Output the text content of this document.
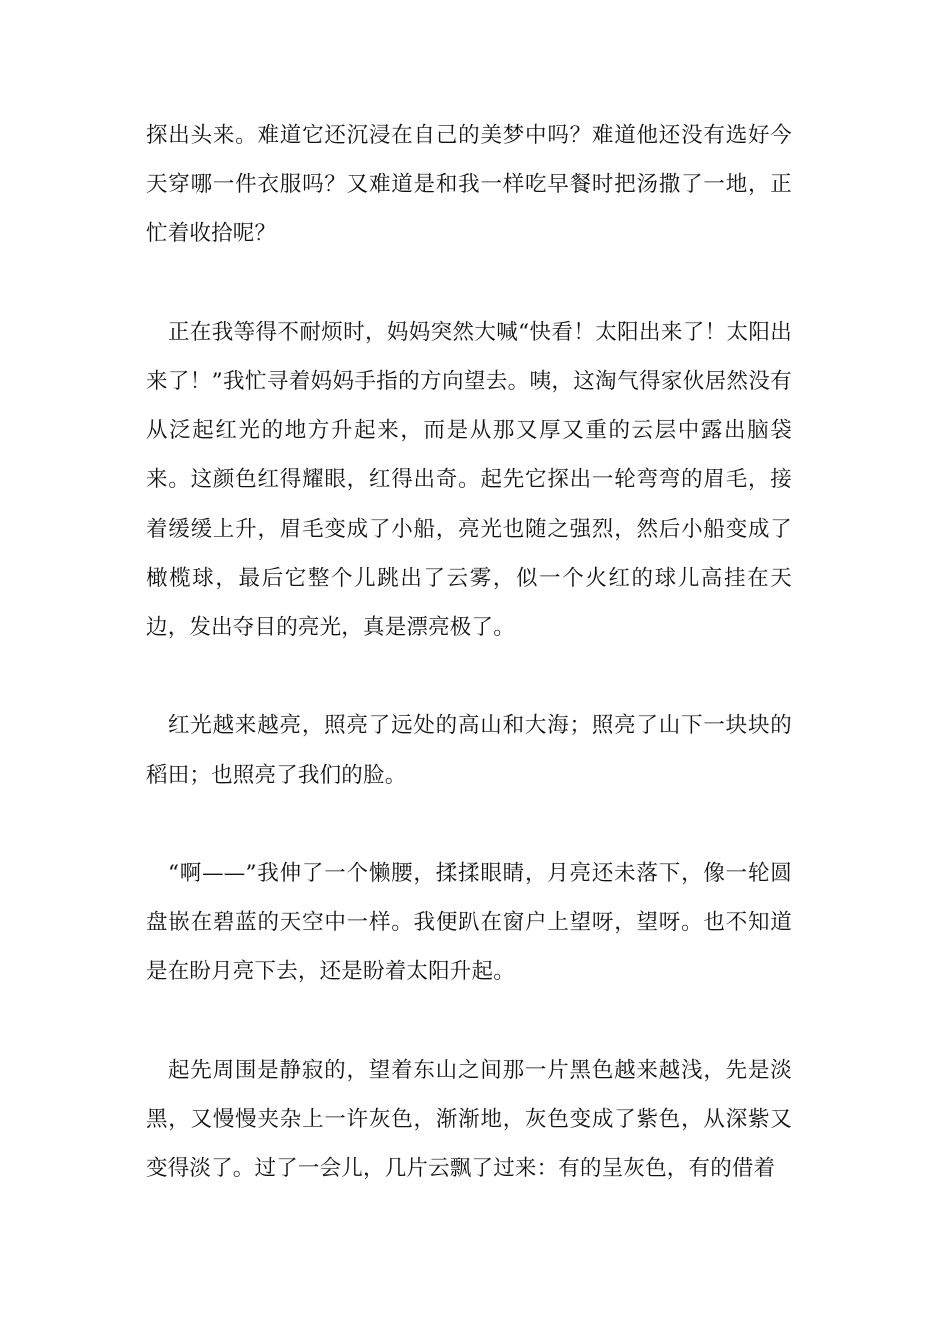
探出头来。难道它还沉浸在自己的美梦中吗？难道他还没有选好今天穿哪一件衣服吗？又难道是和我一样吃早餐时把汤撒了一地，正忙着收拾呢？

正在我等得不耐烦时，妈妈突然大喊“快看！太阳出来了！太阳出来了！”我忙寻着妈妈手指的方向望去。咦，这淘气得家伙居然没有从泛起红光的地方升起来，而是从那又厚又重的云层中露出脑袋来。这颜色红得耀眼，红得出奇。起先它探出一轮弯弯的眉毛，接着缓缓上升，眉毛变成了小船，亮光也随之强烈，然后小船变成了橄榄球，最后它整个儿跳出了云雾，似一个火红的球儿高挂在天边，发出夺目的亮光，真是漂亮极了。

红光越来越亮，照亮了远处的高山和大海；照亮了山下一块块的稻田；也照亮了我们的脸。

“啊——”我伸了一个懒腰，揉揉眼睛，月亮还未落下，像一轮圆盘嵌在碧蓝的天空中一样。我便趴在窗户上望呀，望呀。也不知道是在盼月亮下去，还是盼着太阳升起。

起先周围是静寂的，望着东山之间那一片黑色越来越浅，先是淡黑，又慢慢夹杂上一许灰色，渐渐地，灰色变成了紫色，从深紫又变得淡了。过了一会儿，几片云飘了过来：有的呈灰色，有的借着
